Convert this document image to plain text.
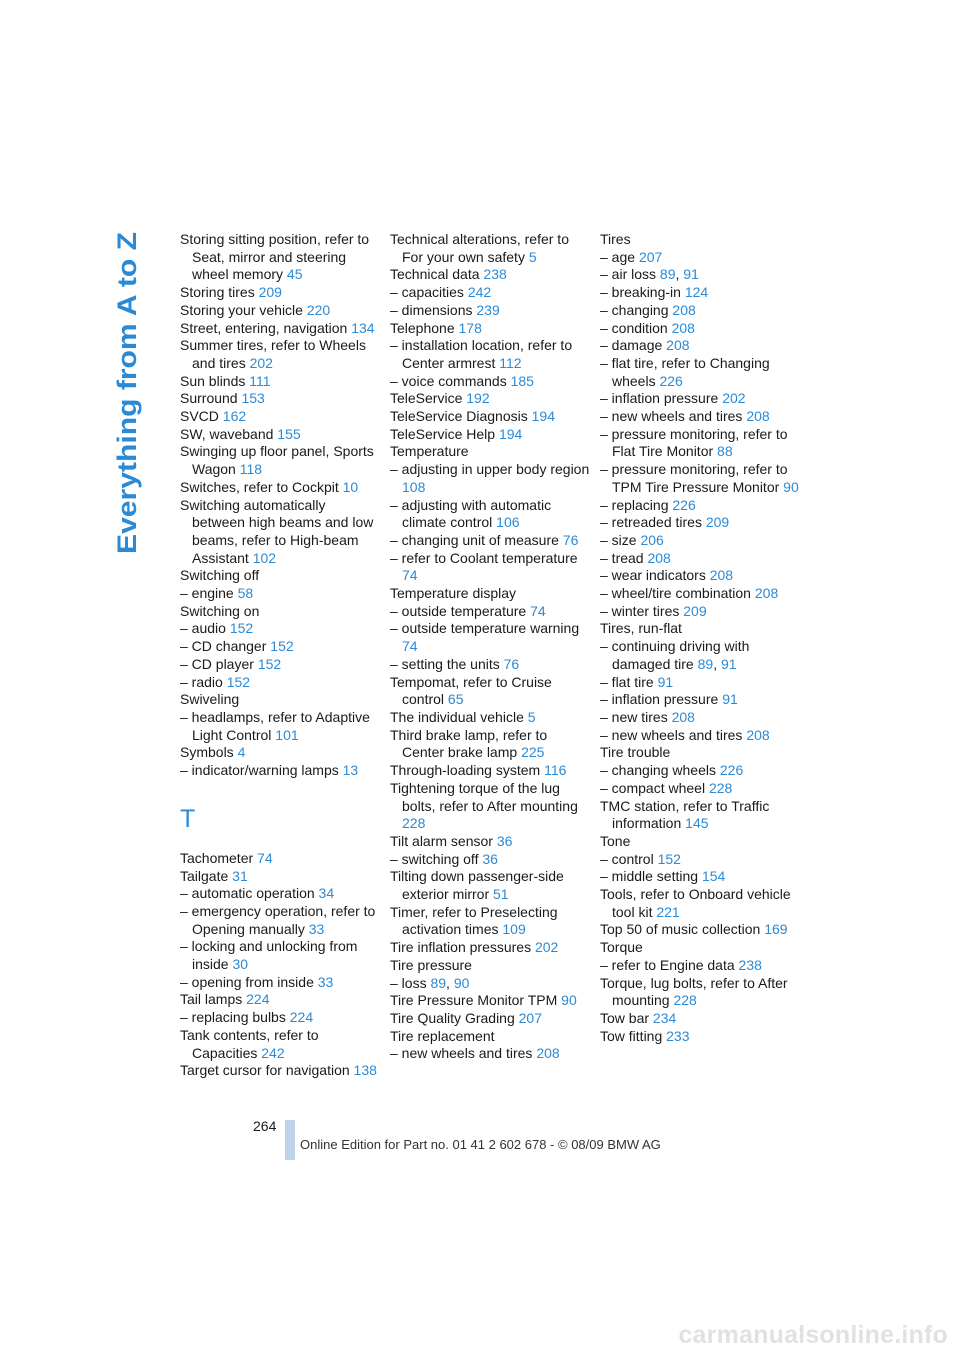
Everything from A to Z
Storing sitting position, refer to Seat, mirror and steering wheel memory 45
Storing tires 209
Storing your vehicle 220
Street, entering, navigation 134
Summer tires, refer to Wheels and tires 202
Sun blinds 111
Surround 153
SVCD 162
SW, waveband 155
Swinging up floor panel, Sports Wagon 118
Switches, refer to Cockpit 10
Switching automatically between high beams and low beams, refer to High-beam Assistant 102
Switching off
– engine 58
Switching on
– audio 152
– CD changer 152
– CD player 152
– radio 152
Swiveling
– headlamps, refer to Adaptive Light Control 101
Symbols 4
– indicator/warning lamps 13
T
Tachometer 74
Tailgate 31
– automatic operation 34
– emergency operation, refer to Opening manually 33
– locking and unlocking from inside 30
– opening from inside 33
Tail lamps 224
– replacing bulbs 224
Tank contents, refer to Capacities 242
Target cursor for navigation 138
Technical alterations, refer to For your own safety 5
Technical data 238
– capacities 242
– dimensions 239
Telephone 178
– installation location, refer to Center armrest 112
– voice commands 185
TeleService 192
TeleService Diagnosis 194
TeleService Help 194
Temperature
– adjusting in upper body region 108
– adjusting with automatic climate control 106
– changing unit of measure 76
– refer to Coolant temperature 74
Temperature display
– outside temperature 74
– outside temperature warning 74
– setting the units 76
Tempomat, refer to Cruise control 65
The individual vehicle 5
Third brake lamp, refer to Center brake lamp 225
Through-loading system 116
Tightening torque of the lug bolts, refer to After mounting 228
Tilt alarm sensor 36
– switching off 36
Tilting down passenger-side exterior mirror 51
Timer, refer to Preselecting activation times 109
Tire inflation pressures 202
Tire pressure
– loss 89, 90
Tire Pressure Monitor TPM 90
Tire Quality Grading 207
Tire replacement
– new wheels and tires 208
Tires
– age 207
– air loss 89, 91
– breaking-in 124
– changing 208
– condition 208
– damage 208
– flat tire, refer to Changing wheels 226
– inflation pressure 202
– new wheels and tires 208
– pressure monitoring, refer to Flat Tire Monitor 88
– pressure monitoring, refer to TPM Tire Pressure Monitor 90
– replacing 226
– retreaded tires 209
– size 206
– tread 208
– wear indicators 208
– wheel/tire combination 208
– winter tires 209
Tires, run-flat
– continuing driving with damaged tire 89, 91
– flat tire 91
– inflation pressure 91
– new tires 208
– new wheels and tires 208
Tire trouble
– changing wheels 226
– compact wheel 228
TMC station, refer to Traffic information 145
Tone
– control 152
– middle setting 154
Tools, refer to Onboard vehicle tool kit 221
Top 50 of music collection 169
Torque
– refer to Engine data 238
Torque, lug bolts, refer to After mounting 228
Tow bar 234
Tow fitting 233
264
Online Edition for Part no. 01 41 2 602 678 - © 08/09 BMW AG
carmanualsonline.info
